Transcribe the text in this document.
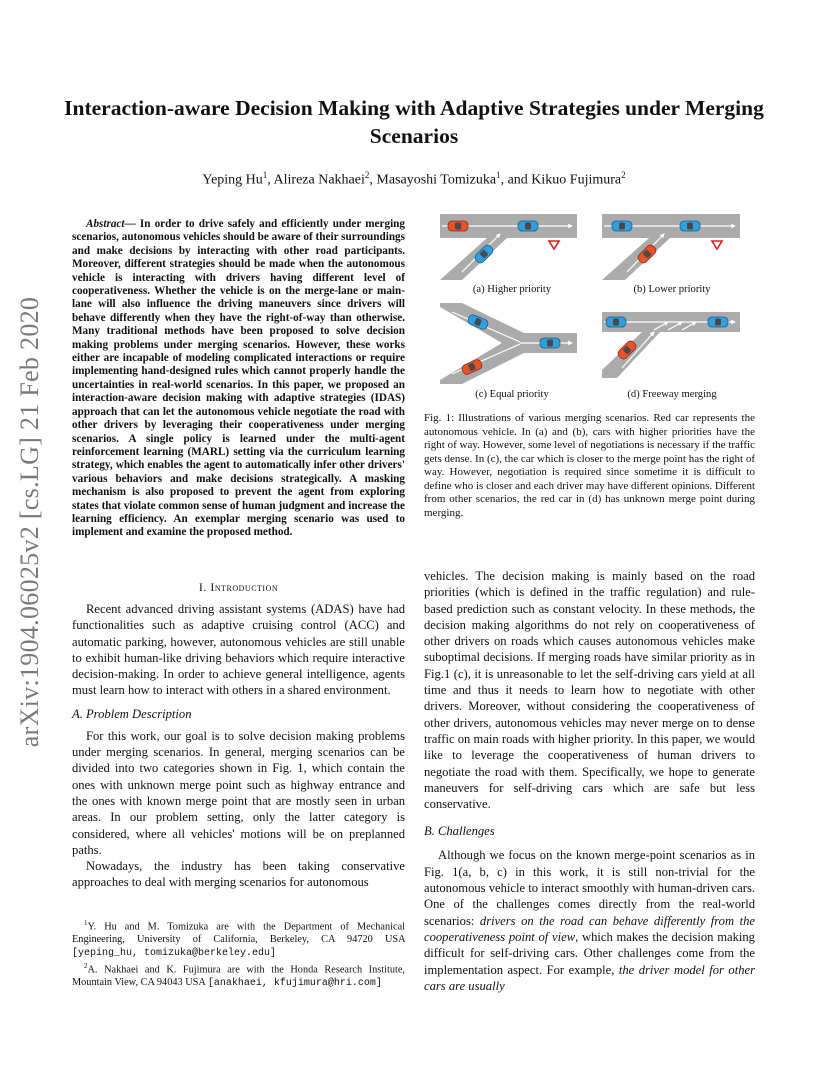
Interaction-aware Decision Making with Adaptive Strategies under Merging Scenarios
Yeping Hu$^1$, Alireza Nakhaei$^2$, Masayoshi Tomizuka$^1$, and Kikuo Fujimura$^2$
arXiv:1904.06025v2 [cs.LG] 21 Feb 2020
Abstract— In order to drive safely and efficiently under merging scenarios, autonomous vehicles should be aware of their surroundings and make decisions by interacting with other road participants. Moreover, different strategies should be made when the autonomous vehicle is interacting with drivers having different level of cooperativeness. Whether the vehicle is on the merge-lane or main-lane will also influence the driving maneuvers since drivers will behave differently when they have the right-of-way than otherwise. Many traditional methods have been proposed to solve decision making problems under merging scenarios. However, these works either are incapable of modeling complicated interactions or require implementing hand-designed rules which cannot properly handle the uncertainties in real-world scenarios. In this paper, we proposed an interaction-aware decision making with adaptive strategies (IDAS) approach that can let the autonomous vehicle negotiate the road with other drivers by leveraging their cooperativeness under merging scenarios. A single policy is learned under the multi-agent reinforcement learning (MARL) setting via the curriculum learning strategy, which enables the agent to automatically infer other drivers' various behaviors and make decisions strategically. A masking mechanism is also proposed to prevent the agent from exploring states that violate common sense of human judgment and increase the learning efficiency. An exemplar merging scenario was used to implement and examine the proposed method.
I. Introduction

Recent advanced driving assistant systems (ADAS) have had functionalities such as adaptive cruising control (ACC) and automatic parking, however, autonomous vehicles are still unable to exhibit human-like driving behaviors which require interactive decision-making. In order to achieve general intelligence, agents must learn how to interact with others in a shared environment.

A. Problem Description

For this work, our goal is to solve decision making problems under merging scenarios. In general, merging scenarios can be divided into two categories shown in Fig. 1, which contain the ones with unknown merge point such as highway entrance and the ones with known merge point that are mostly seen in urban areas. In our problem setting, only the latter category is considered, where all vehicles' motions will be on preplanned paths.

Nowadays, the industry has been taking conservative approaches to deal with merging scenarios for autonomous

$^1$Y. Hu and M. Tomizuka are with the Department of Mechanical Engineering, University of California, Berkeley, CA 94720 USA [yeping_hu, tomizuka@berkeley.edu]

$^2$A. Nakhaei and K. Fujimura are with the Honda Research Institute, Mountain View, CA 94043 USA [anakhaei, kfujimura@hri.com]

(a) Higher priority	(b) Lower priority
(c) Equal priority	(d) Freeway merging
Fig. 1: Illustrations of various merging scenarios. Red car represents the autonomous vehicle. In (a) and (b), cars with higher priorities have the right of way. However, some level of negotiations is necessary if the traffic gets dense. In (c), the car which is closer to the merge point has the right of way. However, negotiation is required since sometime it is difficult to define who is closer and each driver may have different opinions. Different from other scenarios, the red car in (d) has unknown merge point during merging.

vehicles. The decision making is mainly based on the road priorities (which is defined in the traffic regulation) and rule-based prediction such as constant velocity. In these methods, the decision making algorithms do not rely on cooperativeness of other drivers on roads which causes autonomous vehicles make suboptimal decisions. If merging roads have similar priority as in Fig.1 (c), it is unreasonable to let the self-driving cars yield at all time and thus it needs to learn how to negotiate with other drivers. Moreover, without considering the cooperativeness of other drivers, autonomous vehicles may never merge on to dense traffic on main roads with higher priority. In this paper, we would like to leverage the cooperativeness of human drivers to negotiate the road with them. Specifically, we hope to generate maneuvers for self-driving cars which are safe but less conservative.

B. Challenges

Although we focus on the known merge-point scenarios as in Fig. 1(a, b, c) in this work, it is still non-trivial for the autonomous vehicle to interact smoothly with human-driven cars. One of the challenges comes directly from the real-world scenarios: drivers on the road can behave differently from the cooperativeness point of view, which makes the decision making difficult for self-driving cars. Other challenges come from the implementation aspect. For example, the driver model for other cars are usually
